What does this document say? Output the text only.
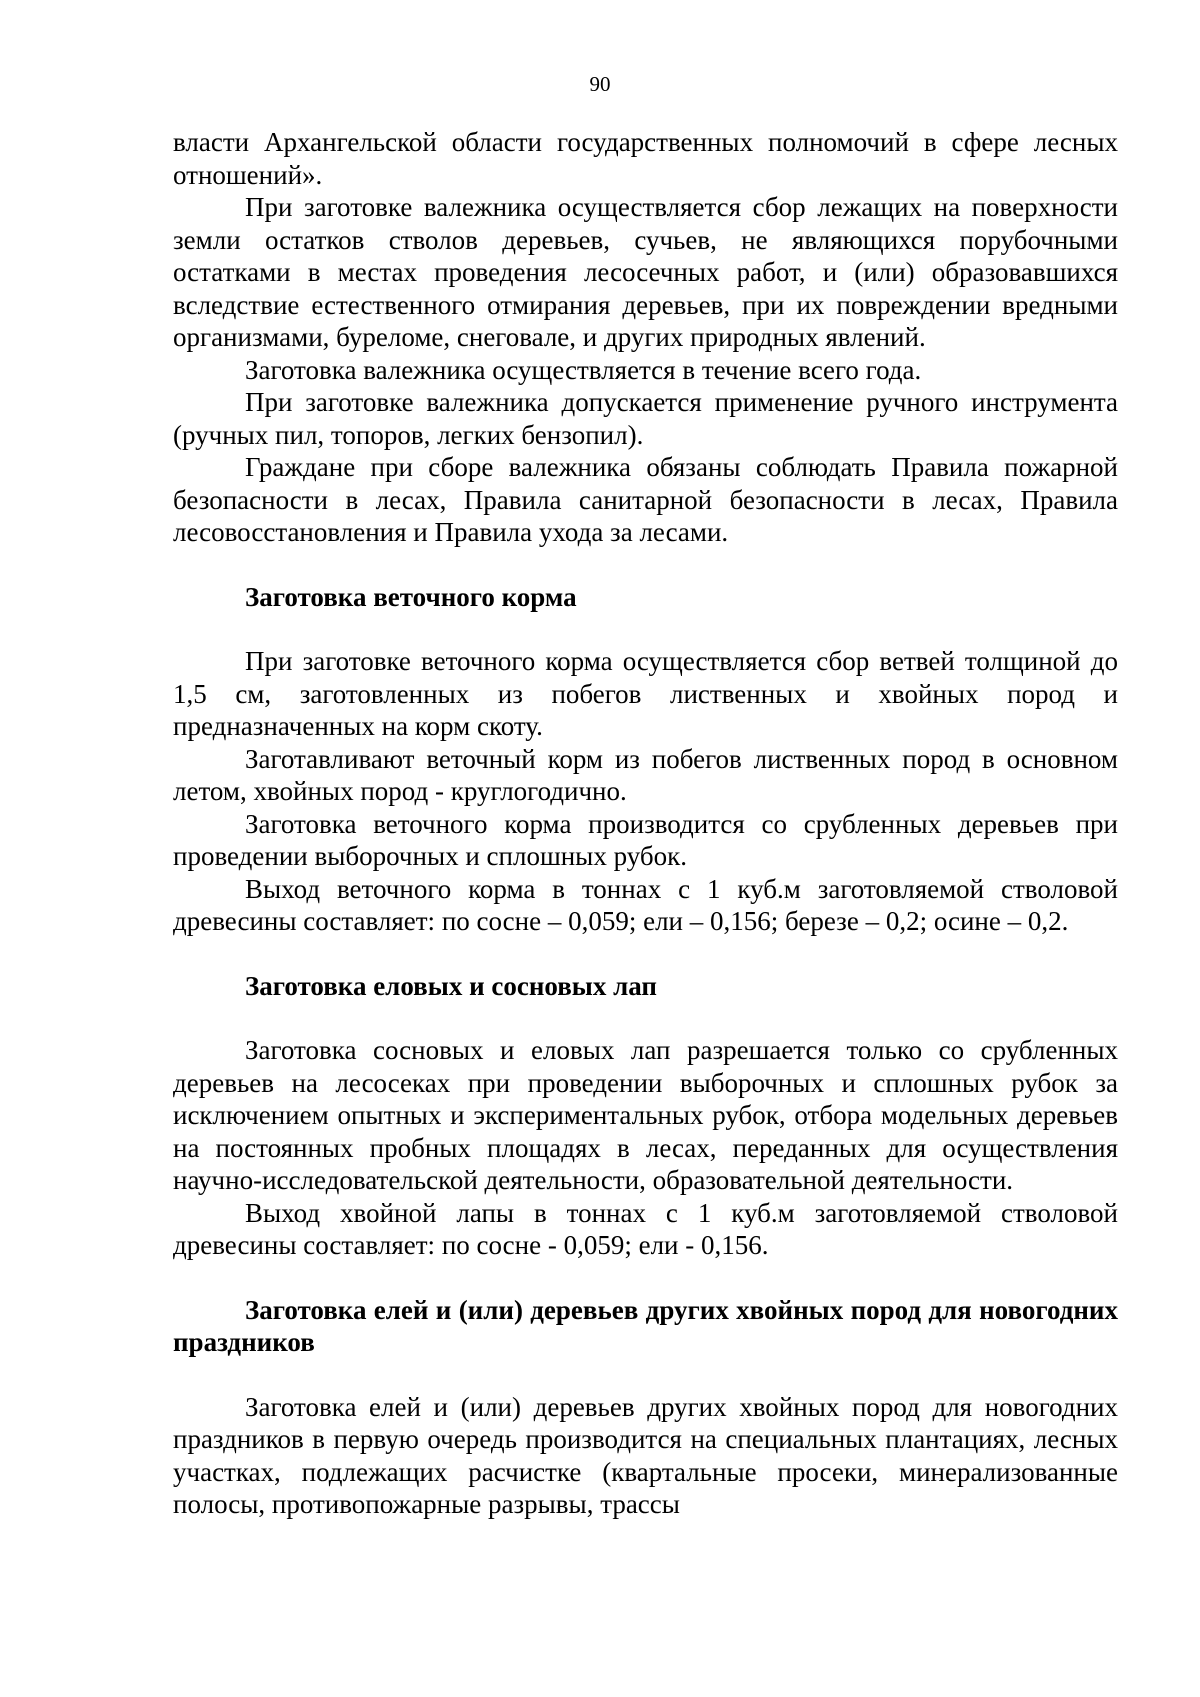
90

власти Архангельской области государственных полномочий в сфере лесных отношений».

При заготовке валежника осуществляется сбор лежащих на поверхности земли остатков стволов деревьев, сучьев, не являющихся порубочными остатками в местах проведения лесосечных работ, и (или) образовавшихся вследствие естественного отмирания деревьев, при их повреждении вредными организмами, буреломе, снеговале, и других природных явлений.

Заготовка валежника осуществляется в течение всего года.

При заготовке валежника допускается применение ручного инструмента (ручных пил, топоров, легких бензопил).

Граждане при сборе валежника обязаны соблюдать Правила пожарной безопасности в лесах, Правила санитарной безопасности в лесах, Правила лесовосстановления и Правила ухода за лесами.

Заготовка веточного корма

При заготовке веточного корма осуществляется сбор ветвей толщиной до 1,5 см, заготовленных из побегов лиственных и хвойных пород и предназначенных на корм скоту.

Заготавливают веточный корм из побегов лиственных пород в основном летом, хвойных пород - круглогодично.

Заготовка веточного корма производится со срубленных деревьев при проведении выборочных и сплошных рубок.

Выход веточного корма в тоннах с 1 куб.м заготовляемой стволовой древесины составляет: по сосне – 0,059; ели – 0,156; березе – 0,2; осине – 0,2.

Заготовка еловых и сосновых лап

Заготовка сосновых и еловых лап разрешается только со срубленных деревьев на лесосеках при проведении выборочных и сплошных рубок за исключением опытных и экспериментальных рубок, отбора модельных деревьев на постоянных пробных площадях в лесах, переданных для осуществления научно-исследовательской деятельности, образовательной деятельности.

Выход хвойной лапы в тоннах с 1 куб.м заготовляемой стволовой древесины составляет: по сосне - 0,059; ели - 0,156.

Заготовка елей и (или) деревьев других хвойных пород для новогодних праздников

Заготовка елей и (или) деревьев других хвойных пород для новогодних праздников в первую очередь производится на специальных плантациях, лесных участках, подлежащих расчистке (квартальные просеки, минерализованные полосы, противопожарные разрывы, трассы
